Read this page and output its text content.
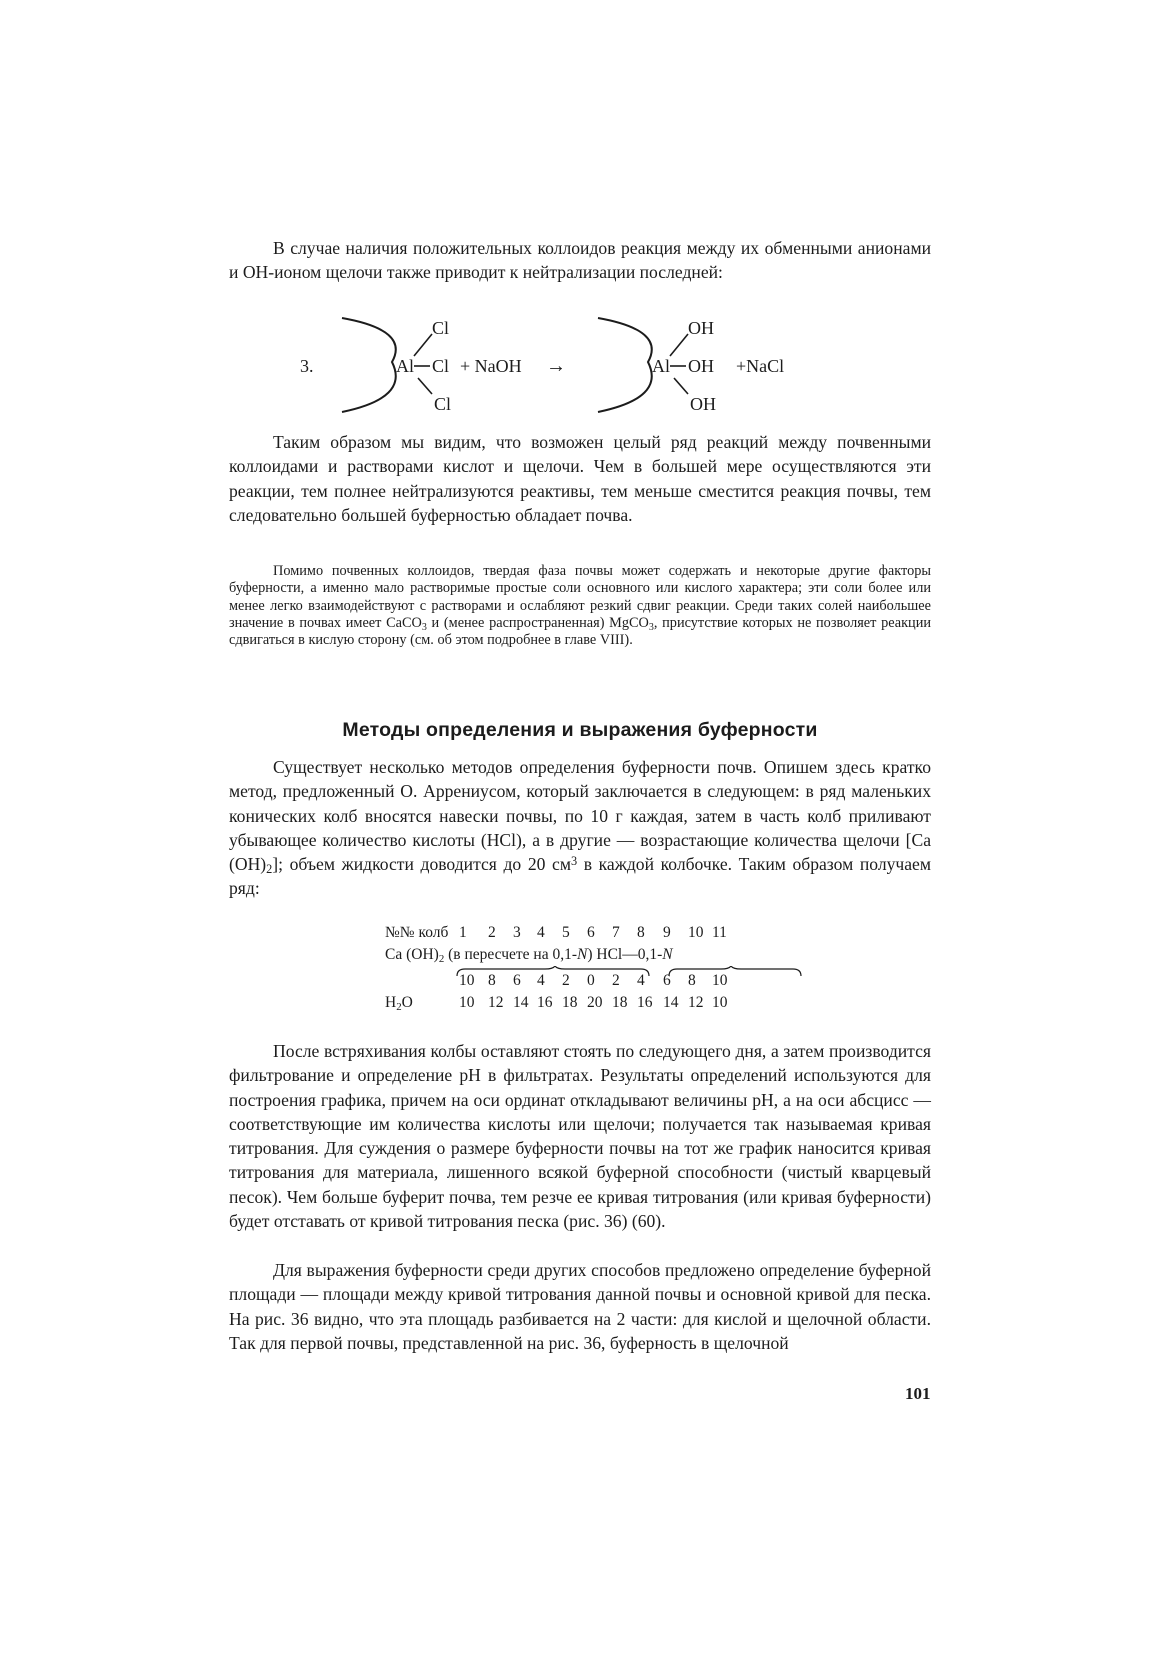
В случае наличия положительных коллоидов реакция между их обменными анионами и ОН-ионом щелочи также приводит к нейтрализации последней:

3.	Al
Cl
Cl
Cl
+ NaOH →	Al
OH
OH
OH
+NaCl

Таким образом мы видим, что возможен целый ряд реакций между почвенными коллоидами и растворами кислот и щелочи. Чем в большей мере осуществляются эти реакции, тем полнее нейтрализуются реактивы, тем меньше сместится реакция почвы, тем следовательно большей буферностью обладает почва.

Помимо почвенных коллоидов, твердая фаза почвы может содержать и некоторые другие факторы буферности, а именно мало растворимые простые соли основного или кислого характера; эти соли более или менее легко взаимодействуют с растворами и ослабляют резкий сдвиг реакции. Среди таких солей наибольшее значение в почвах имеет CaCO$_3$ и (менее распространенная) MgCO$_3$, присутствие которых не позволяет реакции сдвигаться в кислую сторону (см. об этом подробнее в главе VIII).

Методы определения и выражения буферности

Существует несколько методов определения буферности почв. Опишем здесь кратко метод, предложенный О. Аррениусом, который заключается в следующем: в ряд маленьких конических колб вносятся навески почвы, по 10 г каждая, затем в часть колб приливают убывающее количество кислоты (HCl), а в другие — возрастающие количества щелочи [Ca $(OH)_2$]; объем жидкости доводится до 20 $см^3$ в каждой колбочке. Таким образом получаем ряд:

№№ колб
Ca $(OH)_2$ (в пересчете на 0,1-N) HCl—0,1-N
$H_2O$
1 2 3 4 5 6 7 8 9 10 11
10 8 6 4 2 0 2 4 6 8 10
10 12 14 16 18 20 18 16 14 12 10

После встряхивания колбы оставляют стоять по следующего дня, а затем производится фильтрование и определение pH в фильтратах. Результаты определений используются для построения графика, причем на оси ординат откладывают величины pH, а на оси абсцисс — соответствующие им количества кислоты или щелочи; получается так называемая кривая титрования. Для суждения о размере буферности почвы на тот же график наносится кривая титрования для материала, лишенного всякой буферной способности (чистый кварцевый песок). Чем больше буферит почва, тем резче ее кривая титрования (или кривая буферности) будет отставать от кривой титрования песка (рис. 36) (60).

Для выражения буферности среди других способов предложено определение буферной площади — площади между кривой титрования данной почвы и основной кривой для песка. На рис. 36 видно, что эта площадь разбивается на 2 части: для кислой и щелочной области. Так для первой почвы, представленной на рис. 36, буферность в щелочной

101
